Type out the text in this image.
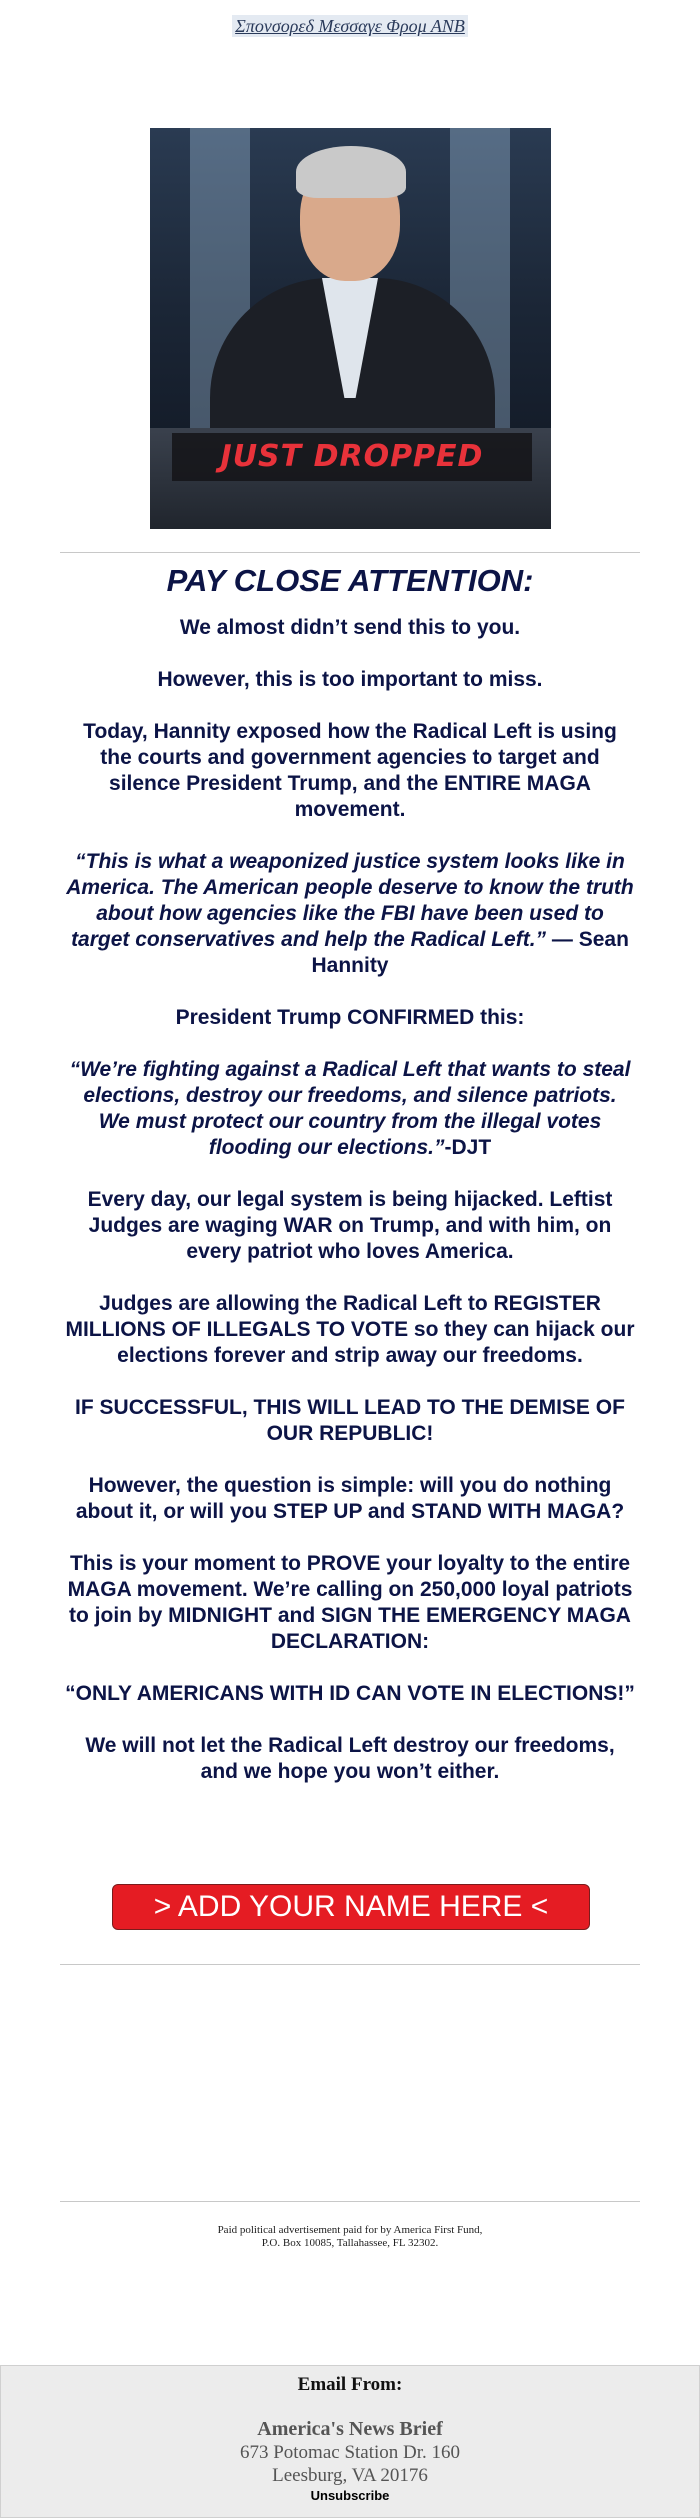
Σπονσορεδ Μεσσαγε Φρομ ΑΝΒ
JUST DROPPED
PAY CLOSE ATTENTION:

We almost didn’t send this to you.

However, this is too important to miss.

Today, Hannity exposed how the Radical Left is using the courts and government agencies to target and silence President Trump, and the ENTIRE MAGA movement.

“This is what a weaponized justice system looks like in America. The American people deserve to know the truth about how agencies like the FBI have been used to target conservatives and help the Radical Left.” — Sean Hannity

President Trump CONFIRMED this:

“We’re fighting against a Radical Left that wants to steal elections, destroy our freedoms, and silence patriots. We must protect our country from the illegal votes flooding our elections.”-DJT

Every day, our legal system is being hijacked. Leftist Judges are waging WAR on Trump, and with him, on every patriot who loves America.

Judges are allowing the Radical Left to REGISTER MILLIONS OF ILLEGALS TO VOTE so they can hijack our elections forever and strip away our freedoms.

IF SUCCESSFUL, THIS WILL LEAD TO THE DEMISE OF OUR REPUBLIC!

However, the question is simple: will you do nothing about it, or will you STEP UP and STAND WITH MAGA?

This is your moment to PROVE your loyalty to the entire MAGA movement. We’re calling on 250,000 loyal patriots to join by MIDNIGHT and SIGN THE EMERGENCY MAGA DECLARATION:

“ONLY AMERICANS WITH ID CAN VOTE IN ELECTIONS!”

We will not let the Radical Left destroy our freedoms, and we hope you won’t either.

> ADD YOUR NAME HERE <
Paid political advertisement paid for by America First Fund,
P.O. Box 10085, Tallahassee, FL 32302.
Email From:
America's News Brief
673 Potomac Station Dr. 160
Leesburg, VA 20176
Unsubscribe
